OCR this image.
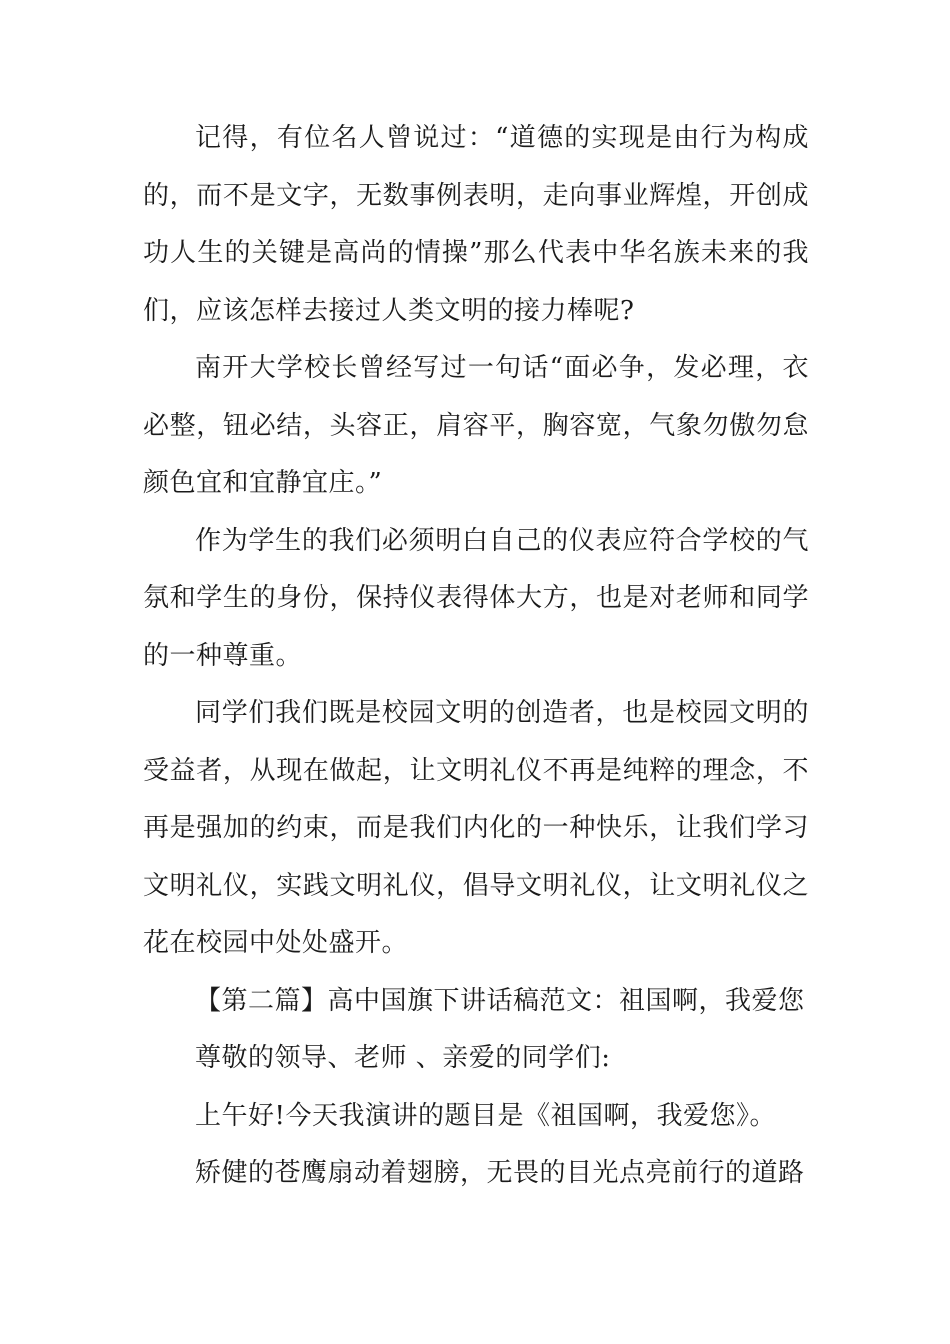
记得，有位名人曾说过：“道德的实现是由行为构成的，而不是文字，无数事例表明，走向事业辉煌，开创成功人生的关键是高尚的情操”那么代表中华名族未来的我们，应该怎样去接过人类文明的接力棒呢?

南开大学校长曾经写过一句话“面必争，发必理，衣必整，钮必结，头容正，肩容平，胸容宽，气象勿傲勿怠颜色宜和宜静宜庄。”

作为学生的我们必须明白自己的仪表应符合学校的气氛和学生的身份，保持仪表得体大方，也是对老师和同学的一种尊重。

同学们我们既是校园文明的创造者，也是校园文明的受益者，从现在做起，让文明礼仪不再是纯粹的理念，不再是强加的约束，而是我们内化的一种快乐，让我们学习文明礼仪，实践文明礼仪，倡导文明礼仪，让文明礼仪之花在校园中处处盛开。

【第二篇】高中国旗下讲话稿范文：祖国啊，我爱您

尊敬的领导、老师 、亲爱的同学们:

上午好!今天我演讲的题目是《祖国啊，我爱您》。

矫健的苍鹰扇动着翅膀，无畏的目光点亮前行的道路
